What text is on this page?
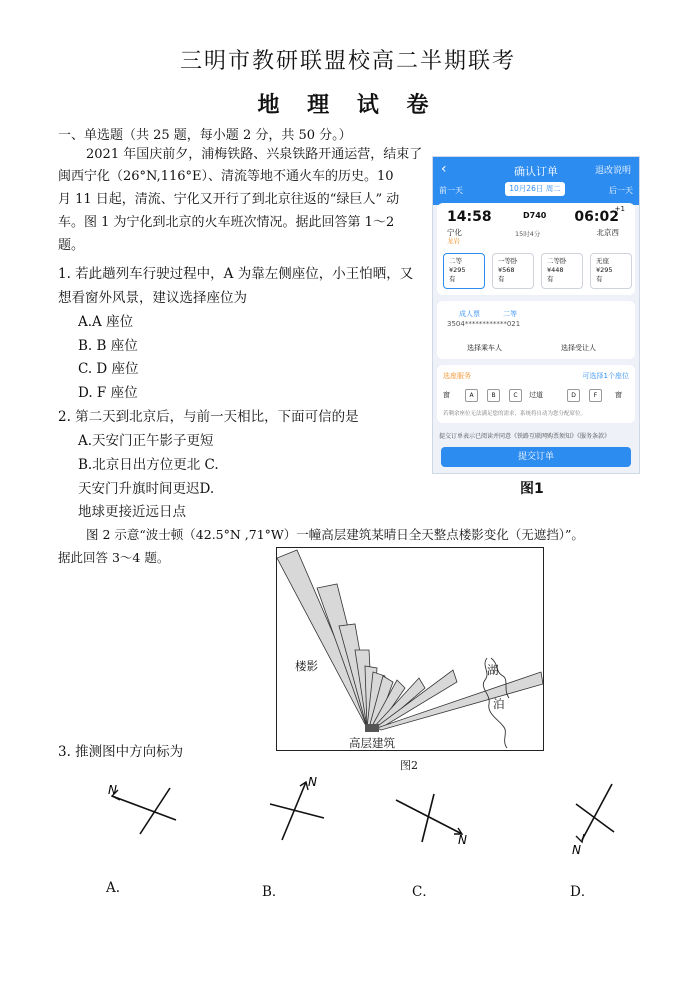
三明市教研联盟校高二半期联考
地 理 试 卷
一、单选题（共 25 题，每小题 2 分，共 50 分。）
2021 年国庆前夕，浦梅铁路、兴泉铁路开通运营，结束了
闽西宁化（26°N,116°E）、清流等地不通火车的历史。10
月 11 日起，清流、宁化又开行了到北京往返的“绿巨人” 动
车。图 1 为宁化到北京的火车班次情况。据此回答第 1～2
题。
1. 若此趟列车行驶过程中，A 为靠左侧座位，小王怕晒，又
想看窗外风景，建议选择座位为
A.A 座位
B. B 座位
C. D 座位
D. F 座位
2. 第二天到北京后，与前一天相比，下面可信的是
A.天安门正午影子更短
B.北京日出方位更北 C.
天安门升旗时间更迟D.
地球更接近远日点
‹	确认订单	退改说明
前一天	10月26日 周二	后一天
14:58	D740 06:02
+1
宁化
龙岩
15时4分	北京西
二等
¥295
有
一等卧
¥568
有
二等卧
¥448
有
无座
¥295
有
成人票	二等
3504************021
选择乘车人	选择受让人
选座服务	可选择1个座位
窗	A	B	C	过道	D	F	窗
若剩余座位无法满足您的需求，系统将自动为您分配席位。
提交订单表示已阅读并同意《铁路互联网购票须知》《服务条款》
提交订单
图1
图 2 示意“波士顿（42.5°N ,71°W）一幢高层建筑某晴日全天整点楼影变化（无遮挡）”。
据此回答 3～4 题。
楼影
高层建筑
湖
泊
图2
3. 推测图中方向标为
N
N
N
N
A.	B．	C．	D．
